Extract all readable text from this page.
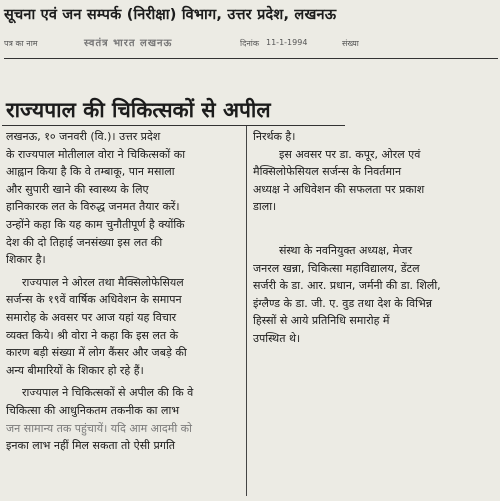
सूचना एवं जन सम्पर्क (निरीक्षा) विभाग, उत्तर प्रदेश, लखनऊ
पत्र का नाम	स्वतंत्र भारत लखनऊ	दिनांक 11-1-1994	संख्या
राज्यपाल की चिकित्सकों से अपील
लखनऊ, १० जनवरी (वि.)। उत्तर प्रदेश
के राज्यपाल मोतीलाल वोरा ने चिकित्सकों का
आह्वान किया है कि वे तम्बाकू, पान मसाला
और सुपारी खाने की स्वास्थ्य के लिए
हानिकारक लत के विरुद्ध जनमत तैयार करें।
उन्होंने कहा कि यह काम चुनौतीपूर्ण है क्योंकि
देश की दो तिहाई जनसंख्या इस लत की
शिकार है।
राज्यपाल ने ओरल तथा मैक्सिलोफेसियल
सर्जन्स के १९वें वार्षिक अधिवेशन के समापन
समारोह के अवसर पर आज यहां यह विचार
व्यक्त किये। श्री वोरा ने कहा कि इस लत के
कारण बड़ी संख्या में लोग कैंसर और जबड़े की
अन्य बीमारियों के शिकार हो रहे हैं।
राज्यपाल ने चिकित्सकों से अपील की कि वे
चिकित्सा की आधुनिकतम तकनीक का लाभ
जन सामान्य तक पहुंचायें। यदि आम आदमी को
इनका लाभ नहीं मिल सकता तो ऐसी प्रगति
निरर्थक है।
इस अवसर पर डा. कपूर, ओरल एवं
मैक्सिलोफेसियल सर्जन्स के निवर्तमान
अध्यक्ष ने अधिवेशन की सफलता पर प्रकाश
डाला।
संस्था के नवनियुक्त अध्यक्ष, मेजर
जनरल खन्ना, चिकित्सा महाविद्यालय, डेंटल
सर्जरी के डा. आर. प्रधान, जर्मनी की डा. शिली,
इंग्लैण्ड के डा. जी. ए. वुड तथा देश के विभिन्न
हिस्सों से आये प्रतिनिधि समारोह में
उपस्थित थे।
